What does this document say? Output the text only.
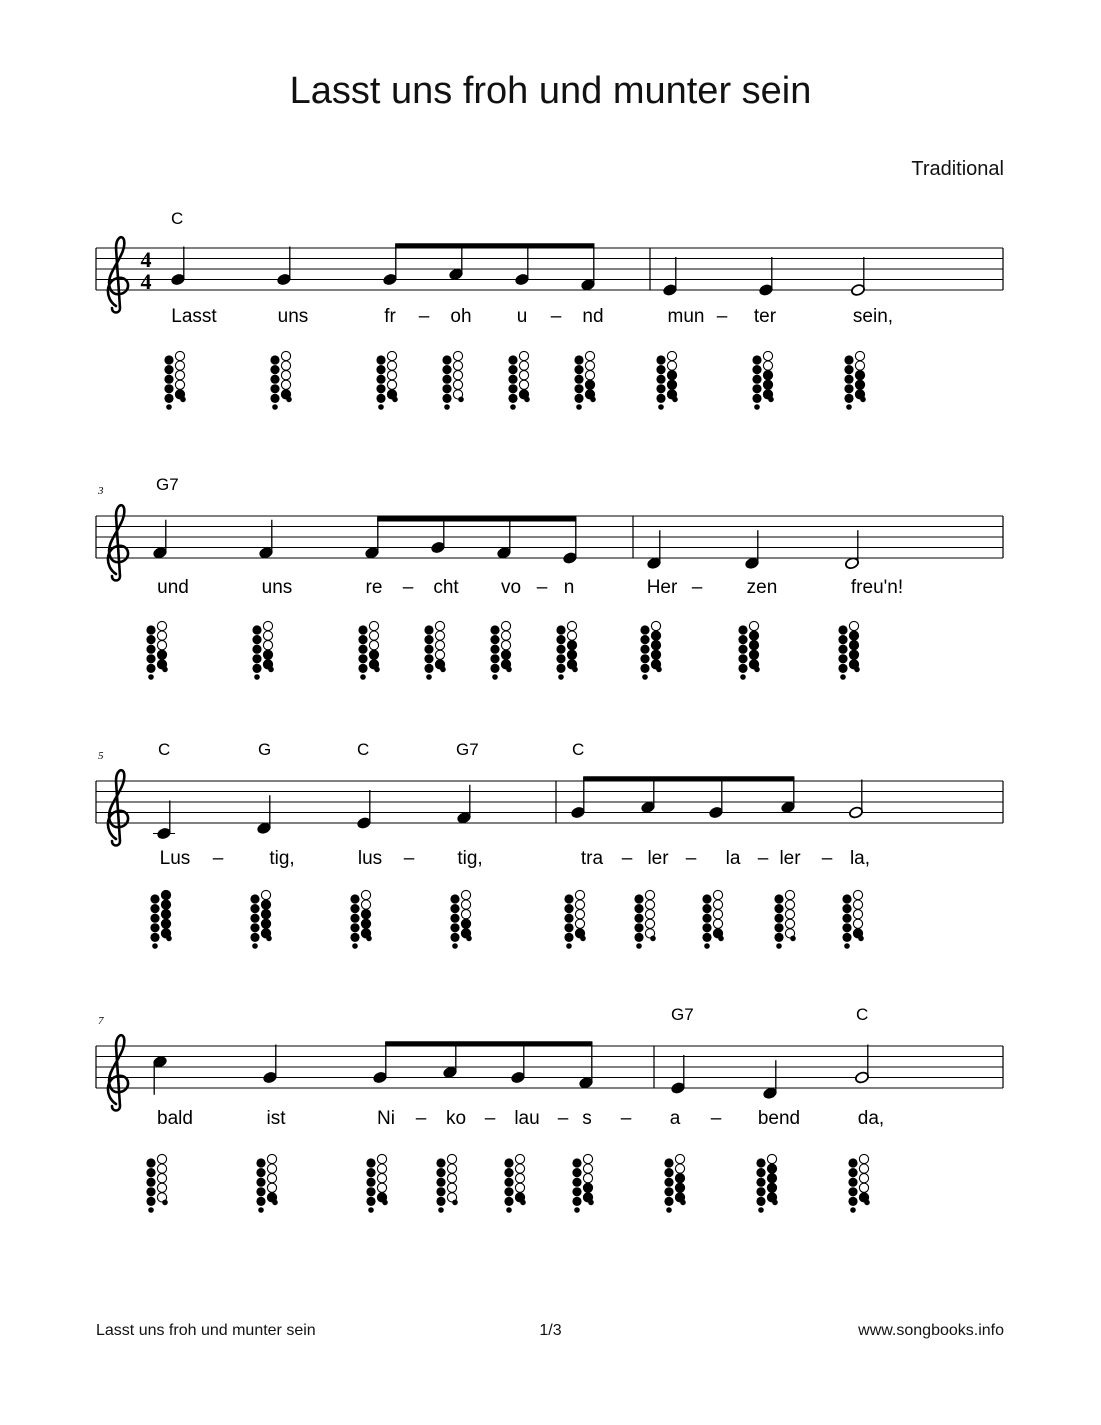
Lasst uns froh und munter sein
Traditional
4
4
C
Lasst	uns	fr – oh u – nd	mun – ter	sein,
3	G7
und	uns	re – cht vo – n	Her – zen	freu'n!
5	C	G	C	G7	C
Lus – tig,	lus – tig,	tra – ler – la – ler – la,
7	G7	C
bald	ist	Ni – ko – lau – s – a – bend	da,
Lasst uns froh und munter sein	1/3	www.songbooks.info
